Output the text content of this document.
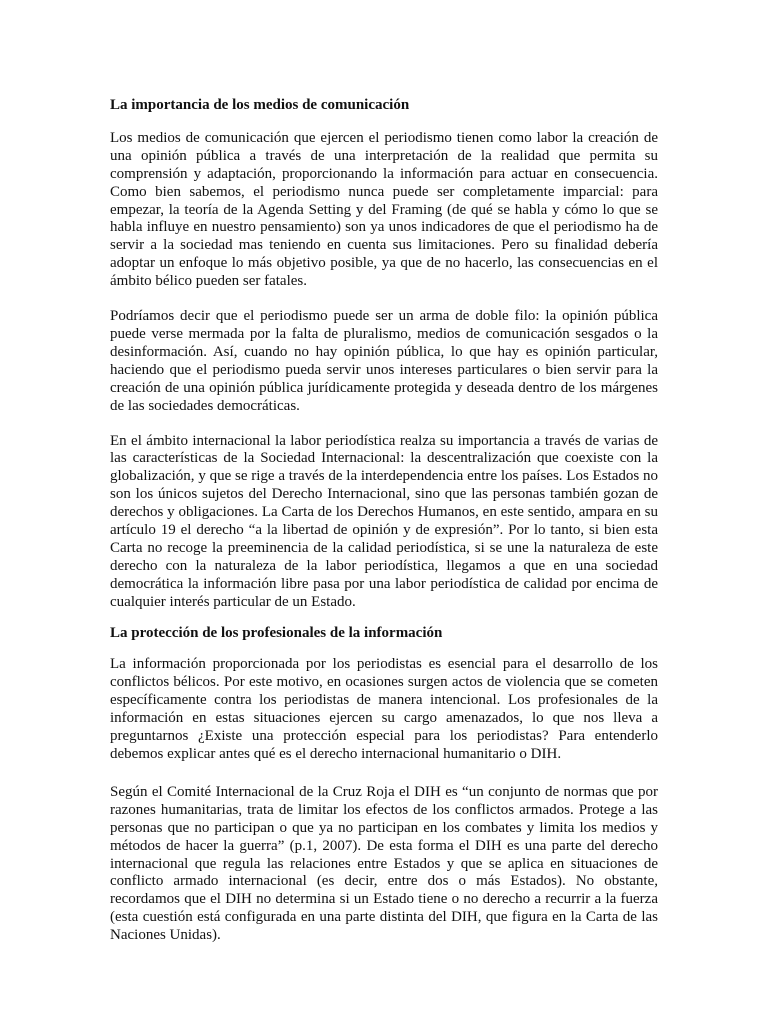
La importancia de los medios de comunicación

Los medios de comunicación que ejercen el periodismo tienen como labor la creación de una opinión pública a través de una interpretación de la realidad que permita su comprensión y adaptación, proporcionando la información para actuar en consecuencia. Como bien sabemos, el periodismo nunca puede ser completamente imparcial: para empezar, la teoría de la Agenda Setting y del Framing (de qué se habla y cómo lo que se habla influye en nuestro pensamiento) son ya unos indicadores de que el periodismo ha de servir a la sociedad mas teniendo en cuenta sus limitaciones. Pero su finalidad debería adoptar un enfoque lo más objetivo posible, ya que de no hacerlo, las consecuencias en el ámbito bélico pueden ser fatales.

Podríamos decir que el periodismo puede ser un arma de doble filo: la opinión pública puede verse mermada por la falta de pluralismo, medios de comunicación sesgados o la desinformación. Así, cuando no hay opinión pública, lo que hay es opinión particular, haciendo que el periodismo pueda servir unos intereses particulares o bien servir para la creación de una opinión pública jurídicamente protegida y deseada dentro de los márgenes de las sociedades democráticas.

En el ámbito internacional la labor periodística realza su importancia a través de varias de las características de la Sociedad Internacional: la descentralización que coexiste con la globalización, y que se rige a través de la interdependencia entre los países. Los Estados no son los únicos sujetos del Derecho Internacional, sino que las personas también gozan de derechos y obligaciones. La Carta de los Derechos Humanos, en este sentido, ampara en su artículo 19 el derecho “a la libertad de opinión y de expresión”. Por lo tanto, si bien esta Carta no recoge la preeminencia de la calidad periodística, si se une la naturaleza de este derecho con la naturaleza de la labor periodística, llegamos a que en una sociedad democrática la información libre pasa por una labor periodística de calidad por encima de cualquier interés particular de un Estado.

La protección de los profesionales de la información

La información proporcionada por los periodistas es esencial para el desarrollo de los conflictos bélicos. Por este motivo, en ocasiones surgen actos de violencia que se cometen específicamente contra los periodistas de manera intencional. Los profesionales de la información en estas situaciones ejercen su cargo amenazados, lo que nos lleva a preguntarnos ¿Existe una protección especial para los periodistas? Para entenderlo debemos explicar antes qué es el derecho internacional humanitario o DIH.

Según el Comité Internacional de la Cruz Roja el DIH es “un conjunto de normas que por razones humanitarias, trata de limitar los efectos de los conflictos armados. Protege a las personas que no participan o que ya no participan en los combates y limita los medios y métodos de hacer la guerra” (p.1, 2007). De esta forma el DIH es una parte del derecho internacional que regula las relaciones entre Estados y que se aplica en situaciones de conflicto armado internacional (es decir, entre dos o más Estados). No obstante, recordamos que el DIH no determina si un Estado tiene o no derecho a recurrir a la fuerza (esta cuestión está configurada en una parte distinta del DIH, que figura en la Carta de las Naciones Unidas).
